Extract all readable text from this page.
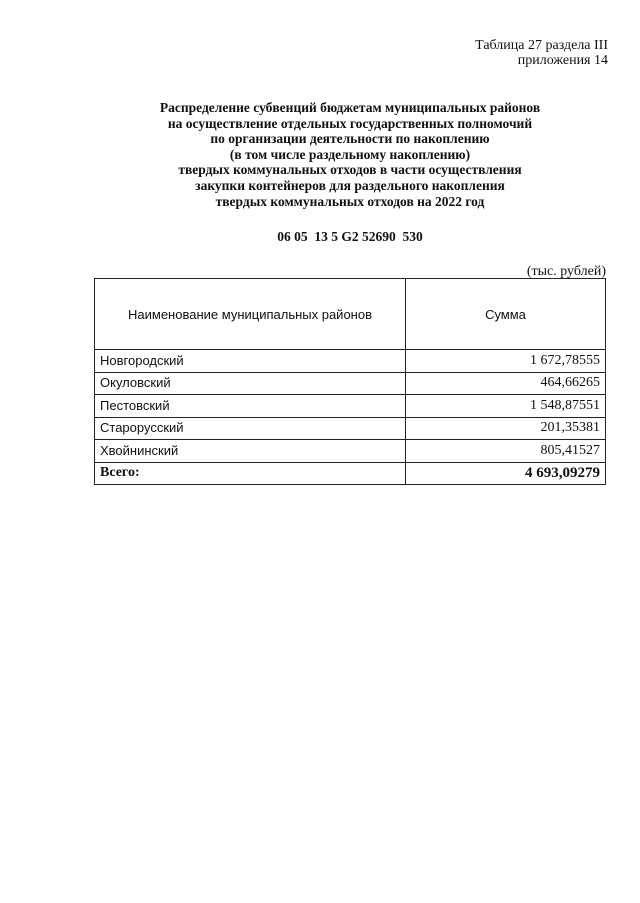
Таблица 27 раздела III
приложения 14
Распределение субвенций бюджетам муниципальных районов
на осуществление отдельных государственных полномочий
по организации деятельности по накоплению
(в том числе раздельному накоплению)
твердых коммунальных отходов в части осуществления
закупки контейнеров для раздельного накопления
твердых коммунальных отходов на 2022 год
06 05  13 5 G2 52690  530
(тыс. рублей)
Наименование муниципальных районов	Сумма
Новгородский	1 672,78555
Окуловский	464,66265
Пестовский	1 548,87551
Старорусский	201,35381
Хвойнинский	805,41527
Всего:	4 693,09279
